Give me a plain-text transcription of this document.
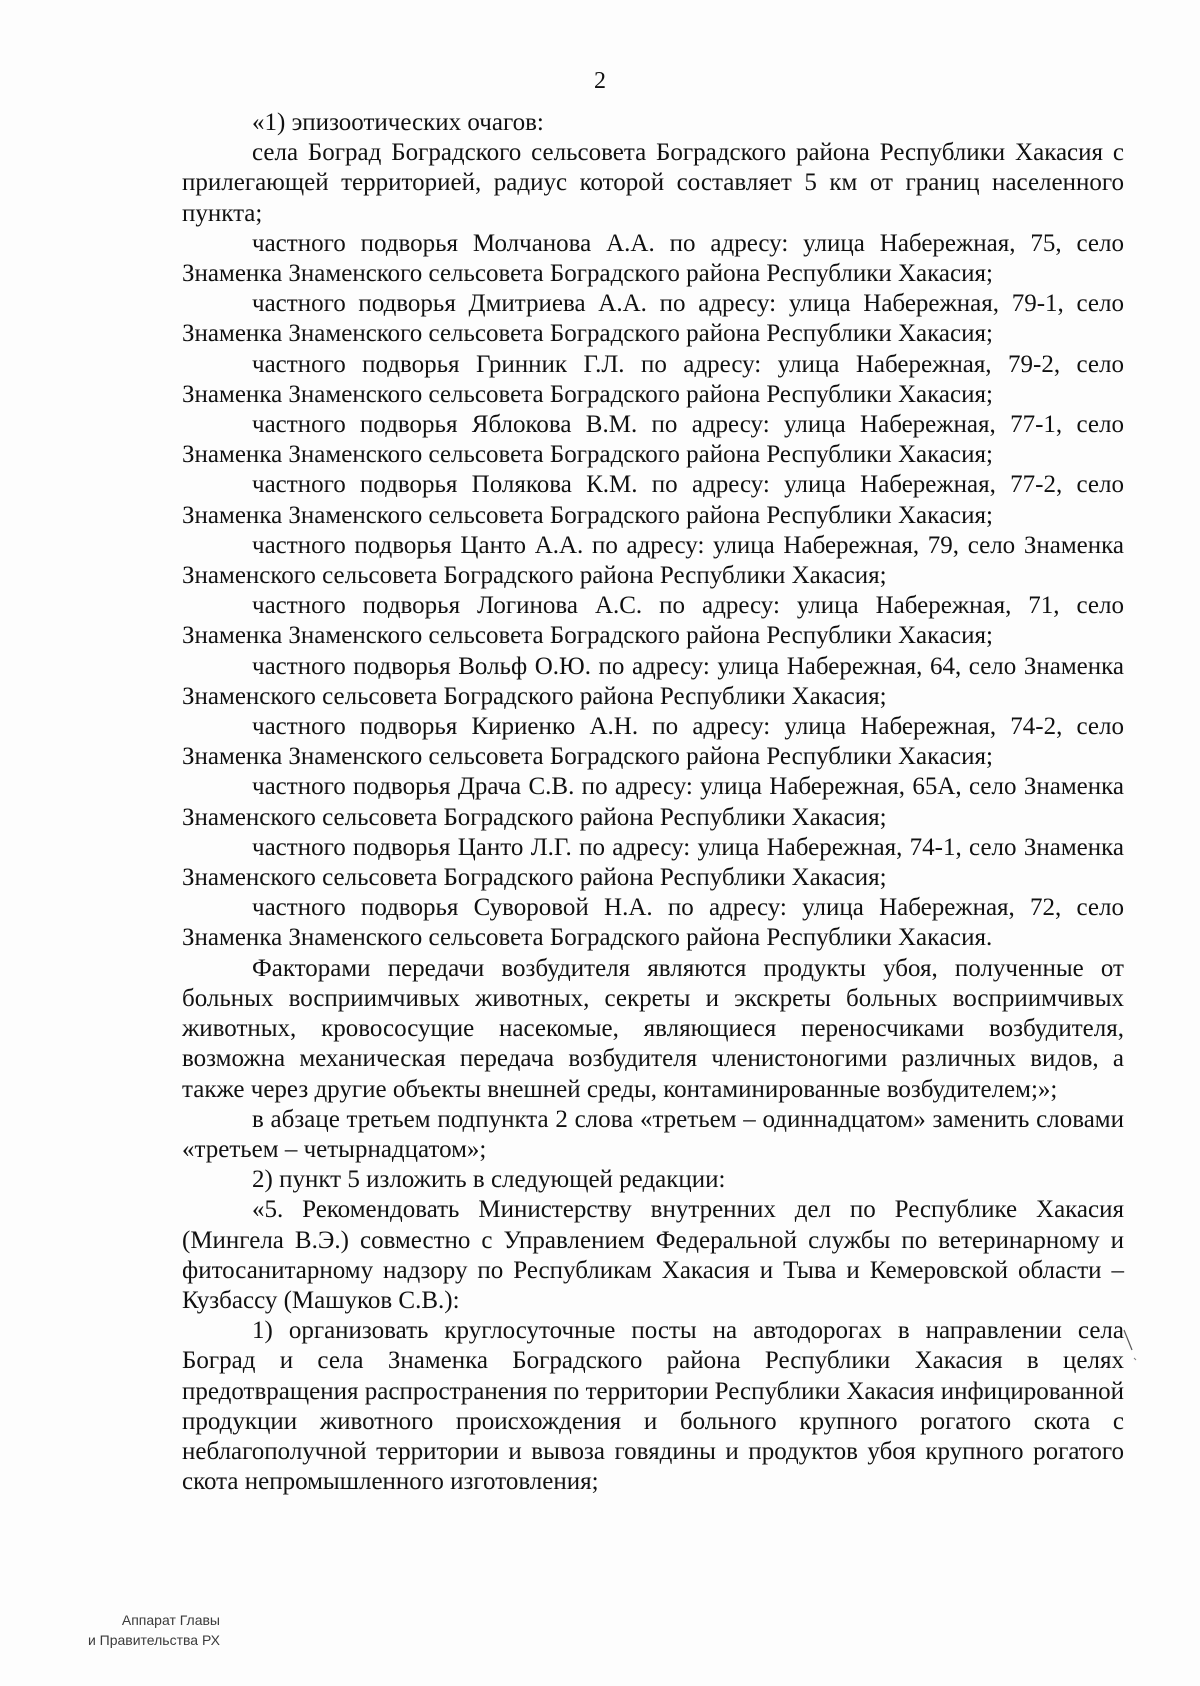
2

«1) эпизоотических очагов:

села Боград Боградского сельсовета Боградского района Республики Хакасия с прилегающей территорией, радиус которой составляет 5 км от границ населенного пункта;

частного подворья Молчанова А.А. по адресу: улица Набережная, 75, село Знаменка Знаменского сельсовета Боградского района Республики Хакасия;

частного подворья Дмитриева А.А. по адресу: улица Набережная, 79-1, село Знаменка Знаменского сельсовета Боградского района Республики Хакасия;

частного подворья Гринник Г.Л. по адресу: улица Набережная, 79-2, село Знаменка Знаменского сельсовета Боградского района Республики Хакасия;

частного подворья Яблокова В.М. по адресу: улица Набережная, 77-1, село Знаменка Знаменского сельсовета Боградского района Республики Хакасия;

частного подворья Полякова К.М. по адресу: улица Набережная, 77-2, село Знаменка Знаменского сельсовета Боградского района Республики Хакасия;

частного подворья Цанто А.А. по адресу: улица Набережная, 79, село Знаменка Знаменского сельсовета Боградского района Республики Хакасия;

частного подворья Логинова А.С. по адресу: улица Набережная, 71, село Знаменка Знаменского сельсовета Боградского района Республики Хакасия;

частного подворья Вольф О.Ю. по адресу: улица Набережная, 64, село Знаменка Знаменского сельсовета Боградского района Республики Хакасия;

частного подворья Кириенко А.Н. по адресу: улица Набережная, 74-2, село Знаменка Знаменского сельсовета Боградского района Республики Хакасия;

частного подворья Драча С.В. по адресу: улица Набережная, 65А, село Знаменка Знаменского сельсовета Боградского района Республики Хакасия;

частного подворья Цанто Л.Г. по адресу: улица Набережная, 74-1, село Знаменка Знаменского сельсовета Боградского района Республики Хакасия;

частного подворья Суворовой Н.А. по адресу: улица Набережная, 72, село Знаменка Знаменского сельсовета Боградского района Республики Хакасия.

Факторами передачи возбудителя являются продукты убоя, полученные от больных восприимчивых животных, секреты и экскреты больных восприимчивых животных, кровососущие насекомые, являющиеся переносчиками возбудителя, возможна механическая передача возбудителя членистоногими различных видов, а также через другие объекты внешней среды, контаминированные возбудителем;»;

в абзаце третьем подпункта 2 слова «третьем – одиннадцатом» заменить словами «третьем – четырнадцатом»;

2) пункт 5 изложить в следующей редакции:

«5. Рекомендовать Министерству внутренних дел по Республике Хакасия (Мингела В.Э.) совместно с Управлением Федеральной службы по ветеринарному и фитосанитарному надзору по Республикам Хакасия и Тыва и Кемеровской области – Кузбассу (Машуков С.В.):

1) организовать круглосуточные посты на автодорогах в направлении села Боград и села Знаменка Боградского района Республики Хакасия в целях предотвращения распространения по территории Республики Хакасия инфицированной продукции животного происхождения и больного крупного рогатого скота с неблагополучной территории и вывоза говядины и продуктов убоя крупного рогатого скота непромышленного изготовления;

Аппарат Главы
и Правительства РХ
